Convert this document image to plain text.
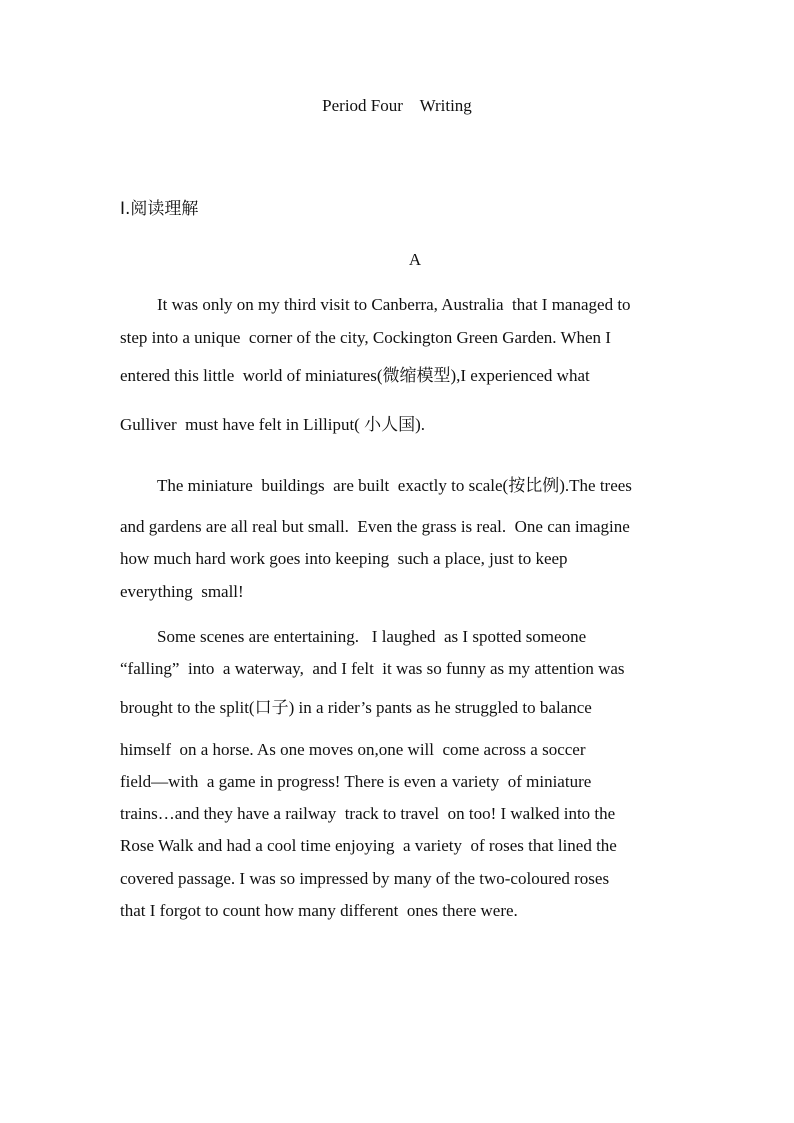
Period Four    Writing
Ⅰ.阅读理解
A
It was only on my third visit to Canberra, Australia  that I managed to
step into a unique  corner of the city, Cockington Green Garden. When I
entered this little  world of miniatures(微缩模型),I experienced what
Gulliver  must have felt in Lilliput( 小人国).
The miniature  buildings  are built  exactly to scale(按比例).The trees
and gardens are all real but small.  Even the grass is real.  One can imagine
how much hard work goes into keeping  such a place, just to keep
everything  small!
Some scenes are entertaining.   I laughed  as I spotted someone
“falling”  into  a waterway,  and I felt  it was so funny as my attention was
brought to the split(口子) in a rider’s pants as he struggled to balance
himself  on a horse. As one moves on,one will  come across a soccer
field—with  a game in progress! There is even a variety  of miniature
trains…and they have a railway  track to travel  on too! I walked into the
Rose Walk and had a cool time enjoying  a variety  of roses that lined the
covered passage. I was so impressed by many of the two-coloured roses
that I forgot to count how many different  ones there were.
